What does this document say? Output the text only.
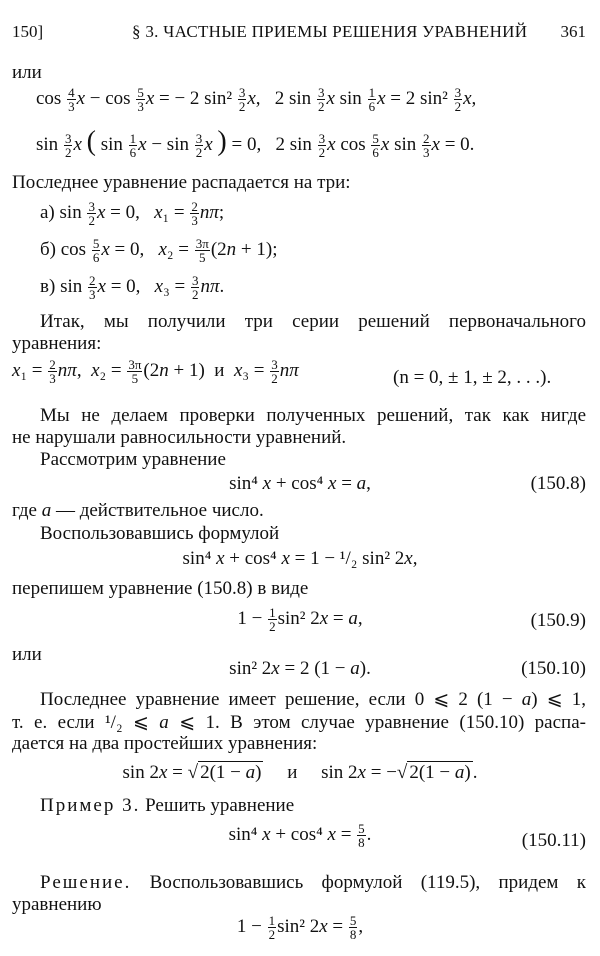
150]	§ 3. ЧАСТНЫЕ ПРИЕМЫ РЕШЕНИЯ УРАВНЕНИЙ 361
или
$\cos \frac{4}{3}$ $x - \cos \frac{5}{3}$ x = − 2 $\sin^2 \frac{3}{2} x$,   2 $\sin \frac{3}{2}$ x $\sin \frac{1}{6}$ x = 2 $\sin^2 \frac{3}{2} x$,
$\sin \frac{3}{2}$ x ( $\sin \frac{1}{6}$ $x - \sin \frac{3}{2}$ x ) = 0,   2 $\sin \frac{3}{2}$ x $\cos \frac{5}{6}$ x $\sin \frac{2}{3}$ x = 0.
Последнее уравнение распадается на три:
а) $\sin \frac{3}{2}$ x = 0,   $x_1 = \frac{2}{3} n\pi$;
б) $\cos \frac{5}{6}$ x = 0,   $x_2 = \frac{3\pi}{5} (2n + 1)$;
в) $\sin \frac{2}{3}$ x = 0,   $x_3 = \frac{3}{2} n\pi$.
Итак, мы получили три серии решений первоначального
уравнения:
$x_1 = \frac{2}{3} n\pi$,  $x_2 = \frac{3\pi}{5} (2n + 1)$  и $x_3 = \frac{3}{2}$ nπ	(n = 0, ± 1, ± 2, . . .).
Мы не делаем проверки полученных решений, так как нигде
не нарушали равносильности уравнений.
Рассмотрим уравнение
sin⁴ x + cos⁴ x = a,	(150.8)
где a — действительное число.
Воспользовавшись формулой
sin⁴ x + cos⁴ x = 1 − ¹/₂ sin² 2x,
перепишем уравнение (150.8) в виде
$1 - \frac{1}{2} \sin^2$ 2x = a,	(150.9)
или
sin² 2x = 2 (1 − a).	(150.10)
Последнее уравнение имеет решение, если 0 ⩽ 2 (1 − a) ⩽ 1,
т. е. если ¹/₂ ⩽ a ⩽ 1. В этом случае уравнение (150.10) распа-
дается на два простейших уравнения:
sin 2x = √ 2(1 − a) и     sin 2x = −√ 2(1 − a) .
Пример 3. Решить уравнение
sin⁴ x + cos⁴ $x = \frac{5}{8}$ .	(150.11)
Решение. Воспользовавшись формулой (119.5), придем к
уравнению
$1 - \frac{1}{2} \sin^2$ $2x = \frac{5}{8}$ ,
